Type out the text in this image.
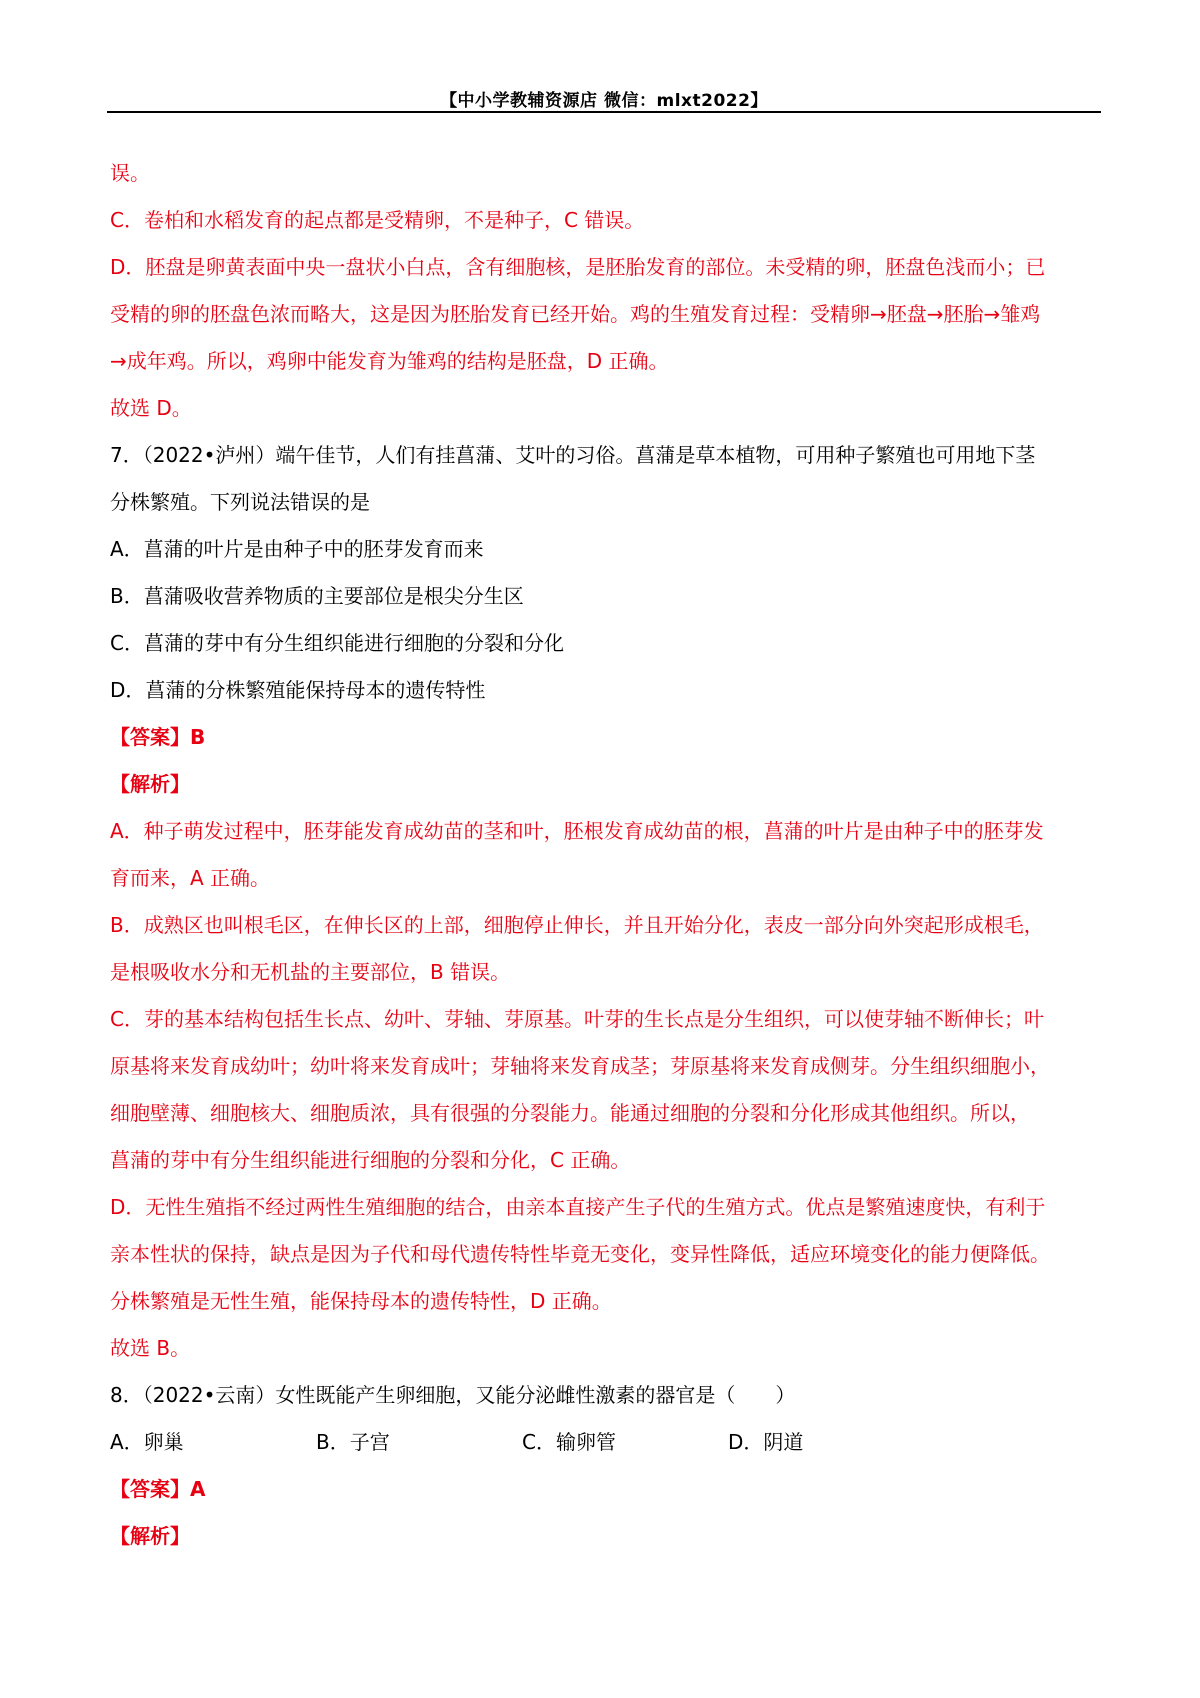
【中小学教辅资源店 微信：mlxt2022】

误。

C．卷柏和水稻发育的起点都是受精卵，不是种子，C 错误。

D．胚盘是卵黄表面中央一盘状小白点，含有细胞核，是胚胎发育的部位。未受精的卵，胚盘色浅而小；已

受精的卵的胚盘色浓而略大，这是因为胚胎发育已经开始。鸡的生殖发育过程：受精卵→胚盘→胚胎→雏鸡

→成年鸡。所以，鸡卵中能发育为雏鸡的结构是胚盘，D 正确。

故选 D。

7．（2022•泸州）端午佳节，人们有挂菖蒲、艾叶的习俗。菖蒲是草本植物，可用种子繁殖也可用地下茎

分株繁殖。下列说法错误的是

A．菖蒲的叶片是由种子中的胚芽发育而来

B．菖蒲吸收营养物质的主要部位是根尖分生区

C．菖蒲的芽中有分生组织能进行细胞的分裂和分化

D．菖蒲的分株繁殖能保持母本的遗传特性

【答案】B

【解析】

A．种子萌发过程中，胚芽能发育成幼苗的茎和叶，胚根发育成幼苗的根，菖蒲的叶片是由种子中的胚芽发

育而来，A 正确。

B．成熟区也叫根毛区，在伸长区的上部，细胞停止伸长，并且开始分化，表皮一部分向外突起形成根毛，

是根吸收水分和无机盐的主要部位，B 错误。

C．芽的基本结构包括生长点、幼叶、芽轴、芽原基。叶芽的生长点是分生组织，可以使芽轴不断伸长；叶

原基将来发育成幼叶；幼叶将来发育成叶；芽轴将来发育成茎；芽原基将来发育成侧芽。分生组织细胞小，

细胞壁薄、细胞核大、细胞质浓，具有很强的分裂能力。能通过细胞的分裂和分化形成其他组织。所以，

菖蒲的芽中有分生组织能进行细胞的分裂和分化，C 正确。

D．无性生殖指不经过两性生殖细胞的结合，由亲本直接产生子代的生殖方式。优点是繁殖速度快，有利于

亲本性状的保持，缺点是因为子代和母代遗传特性毕竟无变化，变异性降低，适应环境变化的能力便降低。

分株繁殖是无性生殖，能保持母本的遗传特性，D 正确。

故选 B。

8．（2022•云南）女性既能产生卵细胞，又能分泌雌性激素的器官是（　　）

A．卵巢	B．子宫	C．输卵管	D．阴道

【答案】A

【解析】
